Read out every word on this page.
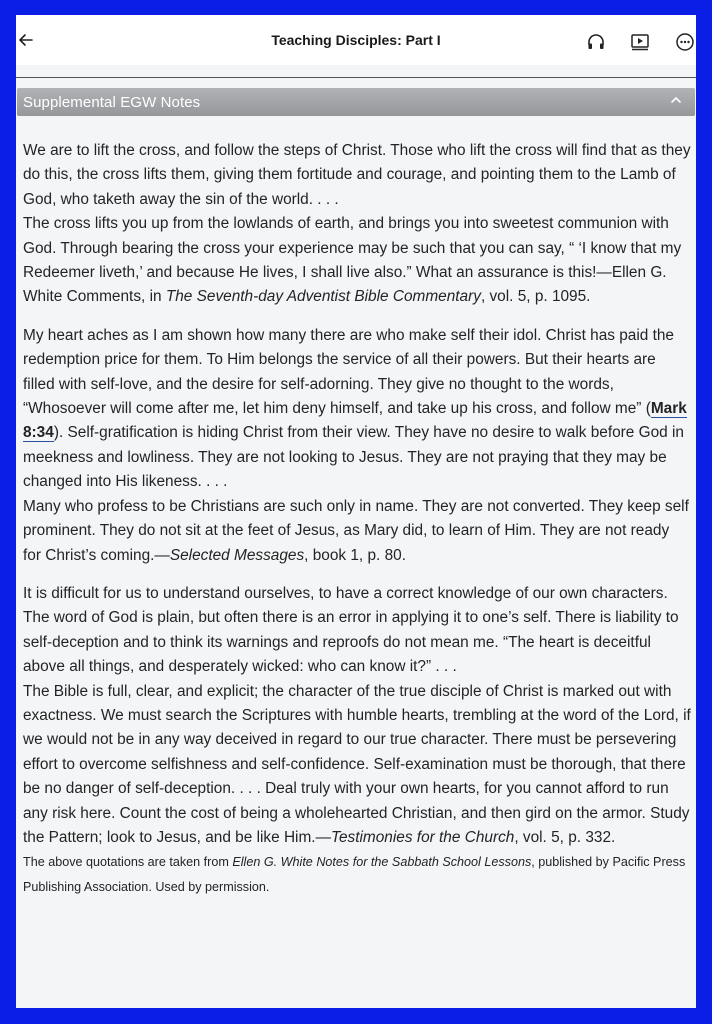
Teaching Disciples: Part I
Supplemental EGW Notes

We are to lift the cross, and follow the steps of Christ. Those who lift the cross will find that as they do this, the cross lifts them, giving them fortitude and courage, and pointing them to the Lamb of God, who taketh away the sin of the world. . . .

The cross lifts you up from the lowlands of earth, and brings you into sweetest communion with God. Through bearing the cross your experience may be such that you can say, “ ‘I know that my Redeemer liveth,’ and because He lives, I shall live also.” What an assurance is this!—Ellen G. White Comments, in The Seventh-day Adventist Bible Commentary, vol. 5, p. 1095.

My heart aches as I am shown how many there are who make self their idol. Christ has paid the redemption price for them. To Him belongs the service of all their powers. But their hearts are filled with self-love, and the desire for self-adorning. They give no thought to the words, “Whosoever will come after me, let him deny himself, and take up his cross, and follow me” (Mark 8:34). Self-gratification is hiding Christ from their view. They have no desire to walk before God in meekness and lowliness. They are not looking to Jesus. They are not praying that they may be changed into His likeness. . . .

Many who profess to be Christians are such only in name. They are not converted. They keep self prominent. They do not sit at the feet of Jesus, as Mary did, to learn of Him. They are not ready for Christ’s coming.—Selected Messages, book 1, p. 80.

It is difficult for us to understand ourselves, to have a correct knowledge of our own characters. The word of God is plain, but often there is an error in applying it to one’s self. There is liability to self-deception and to think its warnings and reproofs do not mean me. “The heart is deceitful above all things, and desperately wicked: who can know it?” . . .

The Bible is full, clear, and explicit; the character of the true disciple of Christ is marked out with exactness. We must search the Scriptures with humble hearts, trembling at the word of the Lord, if we would not be in any way deceived in regard to our true character. There must be persevering effort to overcome selfishness and self-confidence. Self-examination must be thorough, that there be no danger of self-deception. . . . Deal truly with your own hearts, for you cannot afford to run any risk here. Count the cost of being a wholehearted Christian, and then gird on the armor. Study the Pattern; look to Jesus, and be like Him.—Testimonies for the Church, vol. 5, p. 332.

The above quotations are taken from Ellen G. White Notes for the Sabbath School Lessons, published by Pacific Press Publishing Association. Used by permission.
